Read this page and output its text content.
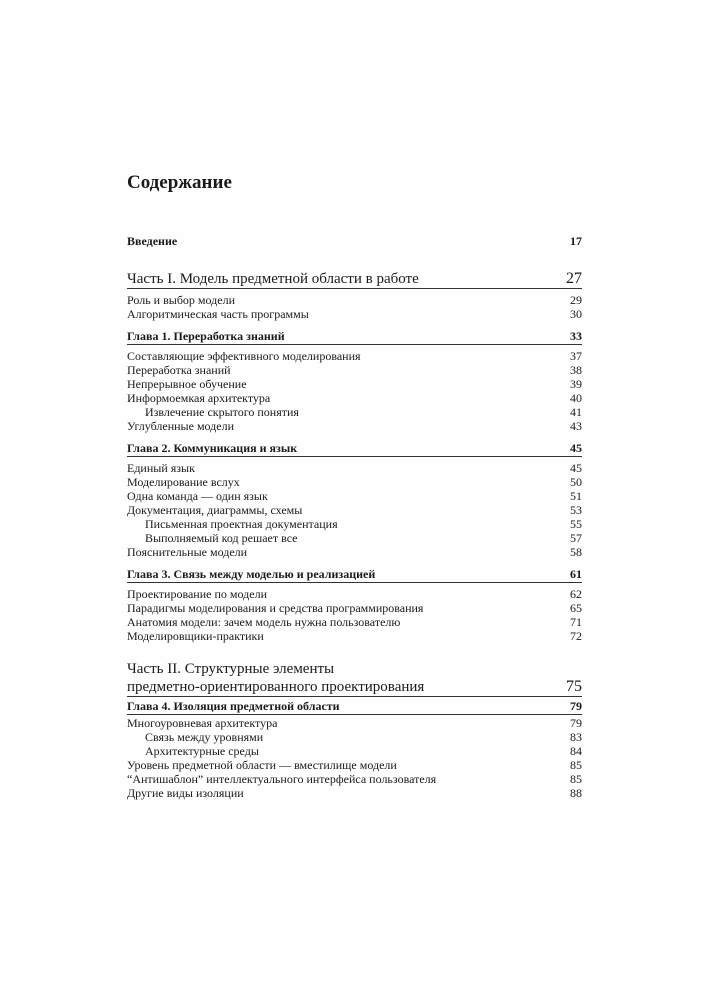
Содержание
Введение	17
Часть I. Модель предметной области в работе	27
Роль и выбор модели	29
Алгоритмическая часть программы	30
Глава 1. Переработка знаний	33
Составляющие эффективного моделирования	37
Переработка знаний	38
Непрерывное обучение	39
Информоемкая архитектура	40
Извлечение скрытого понятия	41
Углубленные модели	43
Глава 2. Коммуникация и язык	45
Единый язык	45
Моделирование вслух	50
Одна команда — один язык	51
Документация, диаграммы, схемы	53
Письменная проектная документация	55
Выполняемый код решает все	57
Пояснительные модели	58
Глава 3. Связь между моделью и реализацией	61
Проектирование по модели	62
Парадигмы моделирования и средства программирования	65
Анатомия модели: зачем модель нужна пользователю	71
Моделировщики-практики	72
Часть II. Структурные элементы
предметно-ориентированного проектирования	75
Глава 4. Изоляция предметной области	79
Многоуровневая архитектура	79
Связь между уровнями	83
Архитектурные среды	84
Уровень предметной области — вместилище модели	85
“Антишаблон” интеллектуального интерфейса пользователя	85
Другие виды изоляции	88
